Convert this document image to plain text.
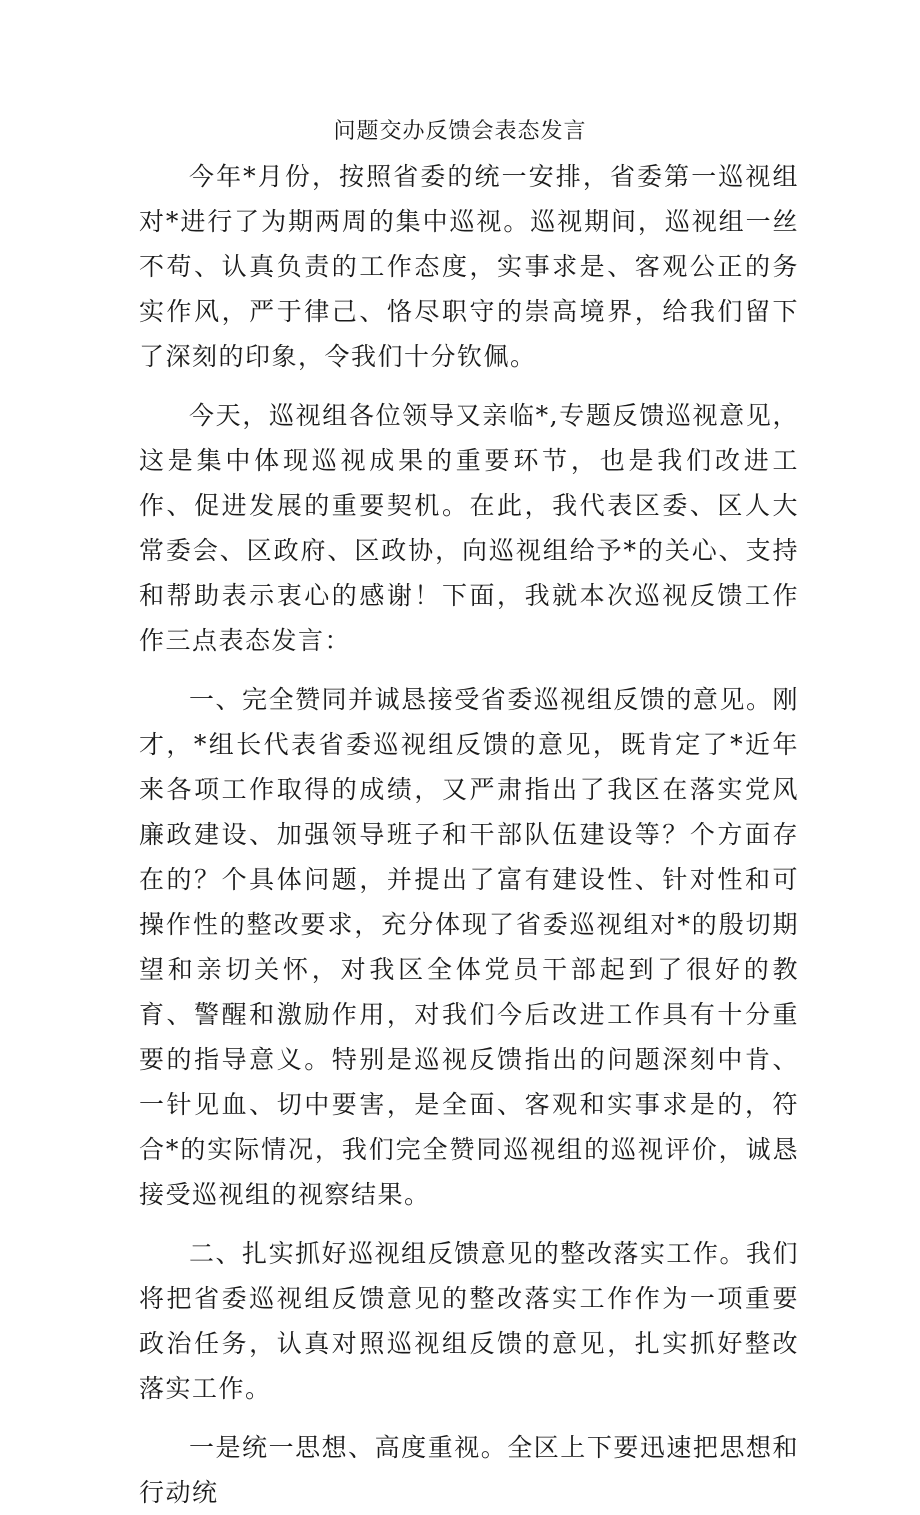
问题交办反馈会表态发言

今年*月份，按照省委的统一安排，省委第一巡视组对*进行了为期两周的集中巡视。巡视期间，巡视组一丝不苟、认真负责的工作态度，实事求是、客观公正的务实作风，严于律己、恪尽职守的崇高境界，给我们留下了深刻的印象，令我们十分钦佩。

今天，巡视组各位领导又亲临*,专题反馈巡视意见，这是集中体现巡视成果的重要环节，也是我们改进工作、促进发展的重要契机。在此，我代表区委、区人大常委会、区政府、区政协，向巡视组给予*的关心、支持和帮助表示衷心的感谢！下面，我就本次巡视反馈工作作三点表态发言：

一、完全赞同并诚恳接受省委巡视组反馈的意见。刚才，*组长代表省委巡视组反馈的意见，既肯定了*近年来各项工作取得的成绩，又严肃指出了我区在落实党风廉政建设、加强领导班子和干部队伍建设等？个方面存在的？个具体问题，并提出了富有建设性、针对性和可操作性的整改要求，充分体现了省委巡视组对*的殷切期望和亲切关怀，对我区全体党员干部起到了很好的教育、警醒和激励作用，对我们今后改进工作具有十分重要的指导意义。特别是巡视反馈指出的问题深刻中肯、一针见血、切中要害，是全面、客观和实事求是的，符合*的实际情况，我们完全赞同巡视组的巡视评价，诚恳接受巡视组的视察结果。

二、扎实抓好巡视组反馈意见的整改落实工作。我们将把省委巡视组反馈意见的整改落实工作作为一项重要政治任务，认真对照巡视组反馈的意见，扎实抓好整改落实工作。

一是统一思想、高度重视。全区上下要迅速把思想和行动统
